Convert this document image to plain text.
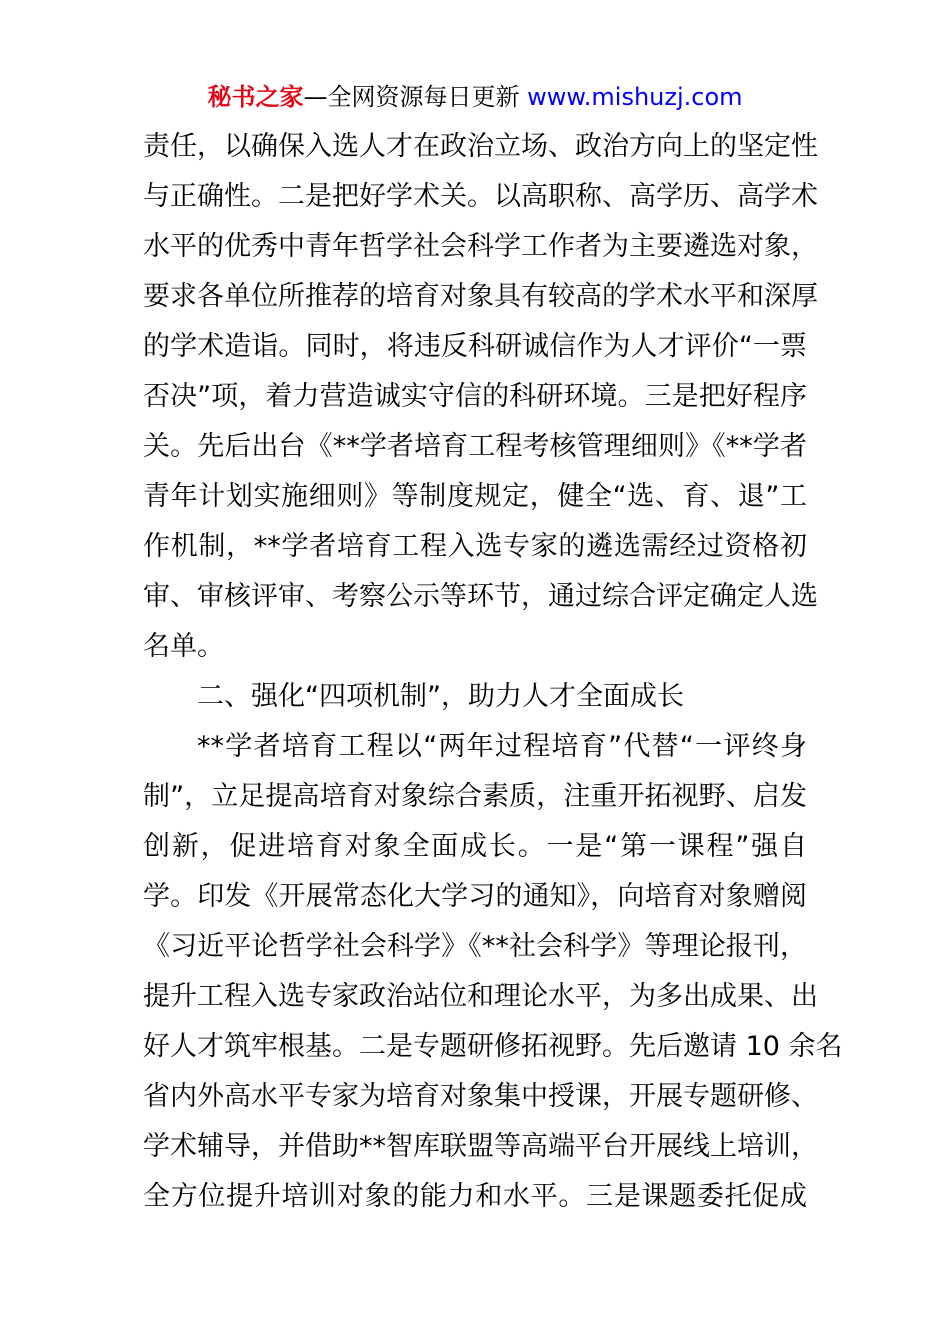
秘书之家—全网资源每日更新 www.mishuzj.com
责任，以确保入选人才在政治立场、政治方向上的坚定性
与正确性。二是把好学术关。以高职称、高学历、高学术
水平的优秀中青年哲学社会科学工作者为主要遴选对象，
要求各单位所推荐的培育对象具有较高的学术水平和深厚
的学术造诣。同时，将违反科研诚信作为人才评价“一票
否决”项，着力营造诚实守信的科研环境。三是把好程序
关。先后出台《**学者培育工程考核管理细则》《**学者
青年计划实施细则》等制度规定，健全“选、育、退”工
作机制，**学者培育工程入选专家的遴选需经过资格初
审、审核评审、考察公示等环节，通过综合评定确定人选
名单。
二、强化“四项机制”，助力人才全面成长
**学者培育工程以“两年过程培育”代替“一评终身
制”，立足提高培育对象综合素质，注重开拓视野、启发
创新，促进培育对象全面成长。一是“第一课程”强自
学。印发《开展常态化大学习的通知》，向培育对象赠阅
《习近平论哲学社会科学》《**社会科学》等理论报刊，
提升工程入选专家政治站位和理论水平，为多出成果、出
好人才筑牢根基。二是专题研修拓视野。先后邀请 10 余名
省内外高水平专家为培育对象集中授课，开展专题研修、
学术辅导，并借助**智库联盟等高端平台开展线上培训，
全方位提升培训对象的能力和水平。三是课题委托促成
